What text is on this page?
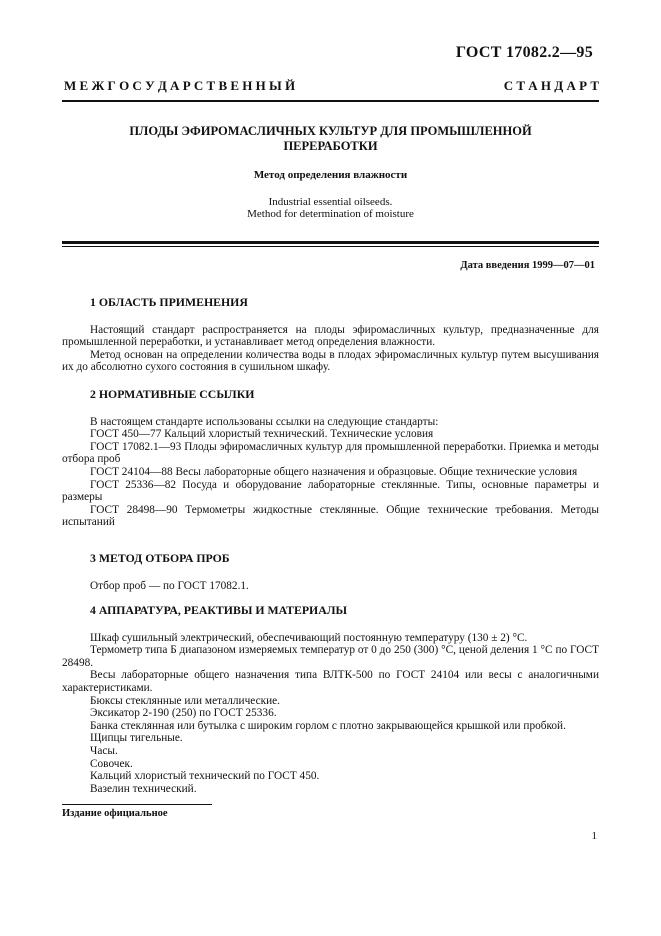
ГОСТ 17082.2—95
М Е Ж Г О С У Д А Р С Т В Е Н Н Ы Й	С Т А Н Д А Р Т
ПЛОДЫ ЭФИРОМАСЛИЧНЫХ КУЛЬТУР ДЛЯ ПРОМЫШЛЕННОЙ
ПЕРЕРАБОТКИ
Метод определения влажности
Industrial essential oilseeds.
Method for determination of moisture
Дата введения 1999—07—01
1 ОБЛАСТЬ ПРИМЕНЕНИЯ

Настоящий стандарт распространяется на плоды эфиромасличных культур, предназначенные для промышленной переработки, и устанавливает метод определения влажности.

Метод основан на определении количества воды в плодах эфиромасличных культур путем высушивания их до абсолютно сухого состояния в сушильном шкафу.

2 НОРМАТИВНЫЕ ССЫЛКИ

В настоящем стандарте использованы ссылки на следующие стандарты:

ГОСТ 450—77 Кальций хлористый технический. Технические условия

ГОСТ 17082.1—93 Плоды эфиромасличных культур для промышленной переработки. Приемка и методы отбора проб

ГОСТ 24104—88 Весы лабораторные общего назначения и образцовые. Общие технические условия

ГОСТ 25336—82 Посуда и оборудование лабораторные стеклянные. Типы, основные параметры и размеры

ГОСТ 28498—90 Термометры жидкостные стеклянные. Общие технические требования. Методы испытаний

3 МЕТОД ОТБОРА ПРОБ

Отбор проб — по ГОСТ 17082.1.

4 АППАРАТУРА, РЕАКТИВЫ И МАТЕРИАЛЫ

Шкаф сушильный электрический, обеспечивающий постоянную температуру (130 ± 2) °С.

Термометр типа Б диапазоном измеряемых температур от 0 до 250 (300) °С, ценой деления 1 °С по ГОСТ 28498.

Весы лабораторные общего назначения типа ВЛТК-500 по ГОСТ 24104 или весы с аналогичными характеристиками.

Бюксы стеклянные или металлические.

Эксикатор 2-190 (250) по ГОСТ 25336.

Банка стеклянная или бутылка с широким горлом с плотно закрывающейся крышкой или пробкой.

Щипцы тигельные.

Часы.

Совочек.

Кальций хлористый технический по ГОСТ 450.

Вазелин технический.

Издание официальное
1
